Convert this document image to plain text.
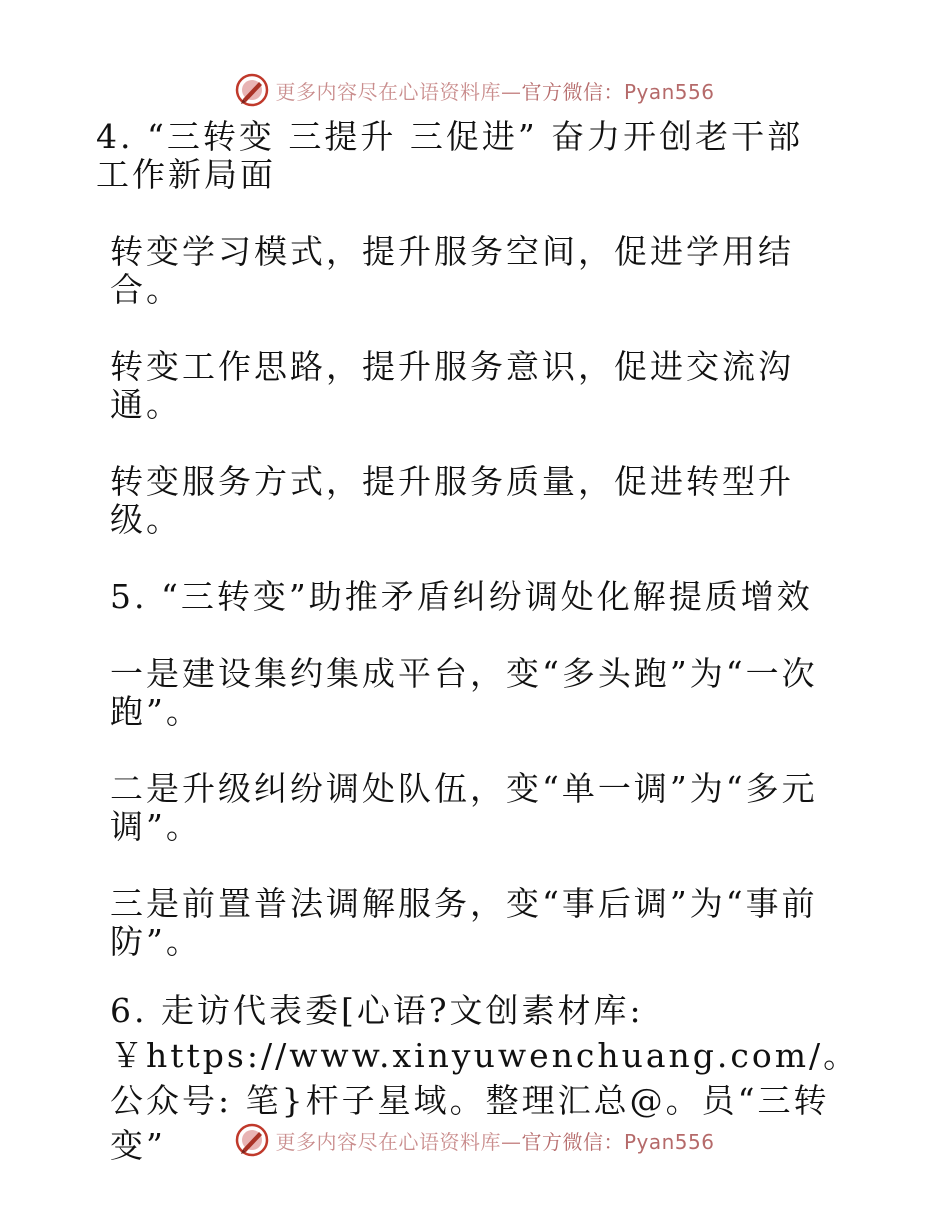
更多内容尽在心语资料库—官方微信：Pyan556

4. “三转变 三提升 三促进” 奋力开创老干部工作新局面

转变学习模式，提升服务空间，促进学用结合。

转变工作思路，提升服务意识，促进交流沟通。

转变服务方式，提升服务质量，促进转型升级。

5. “三转变”助推矛盾纠纷调处化解提质增效

一是建设集约集成平台，变“多头跑”为“一次跑”。

二是升级纠纷调处队伍，变“单一调”为“多元调”。

三是前置普法调解服务，变“事后调”为“事前防”。

6. 走访代表委[心语?文创素材库: ￥https://www.xinyuwenchuang.com/。公众号: 笔}杆子星域。整理汇总@。员“三转变”	更多内容尽在心语资料库—官方微信：Pyan556
